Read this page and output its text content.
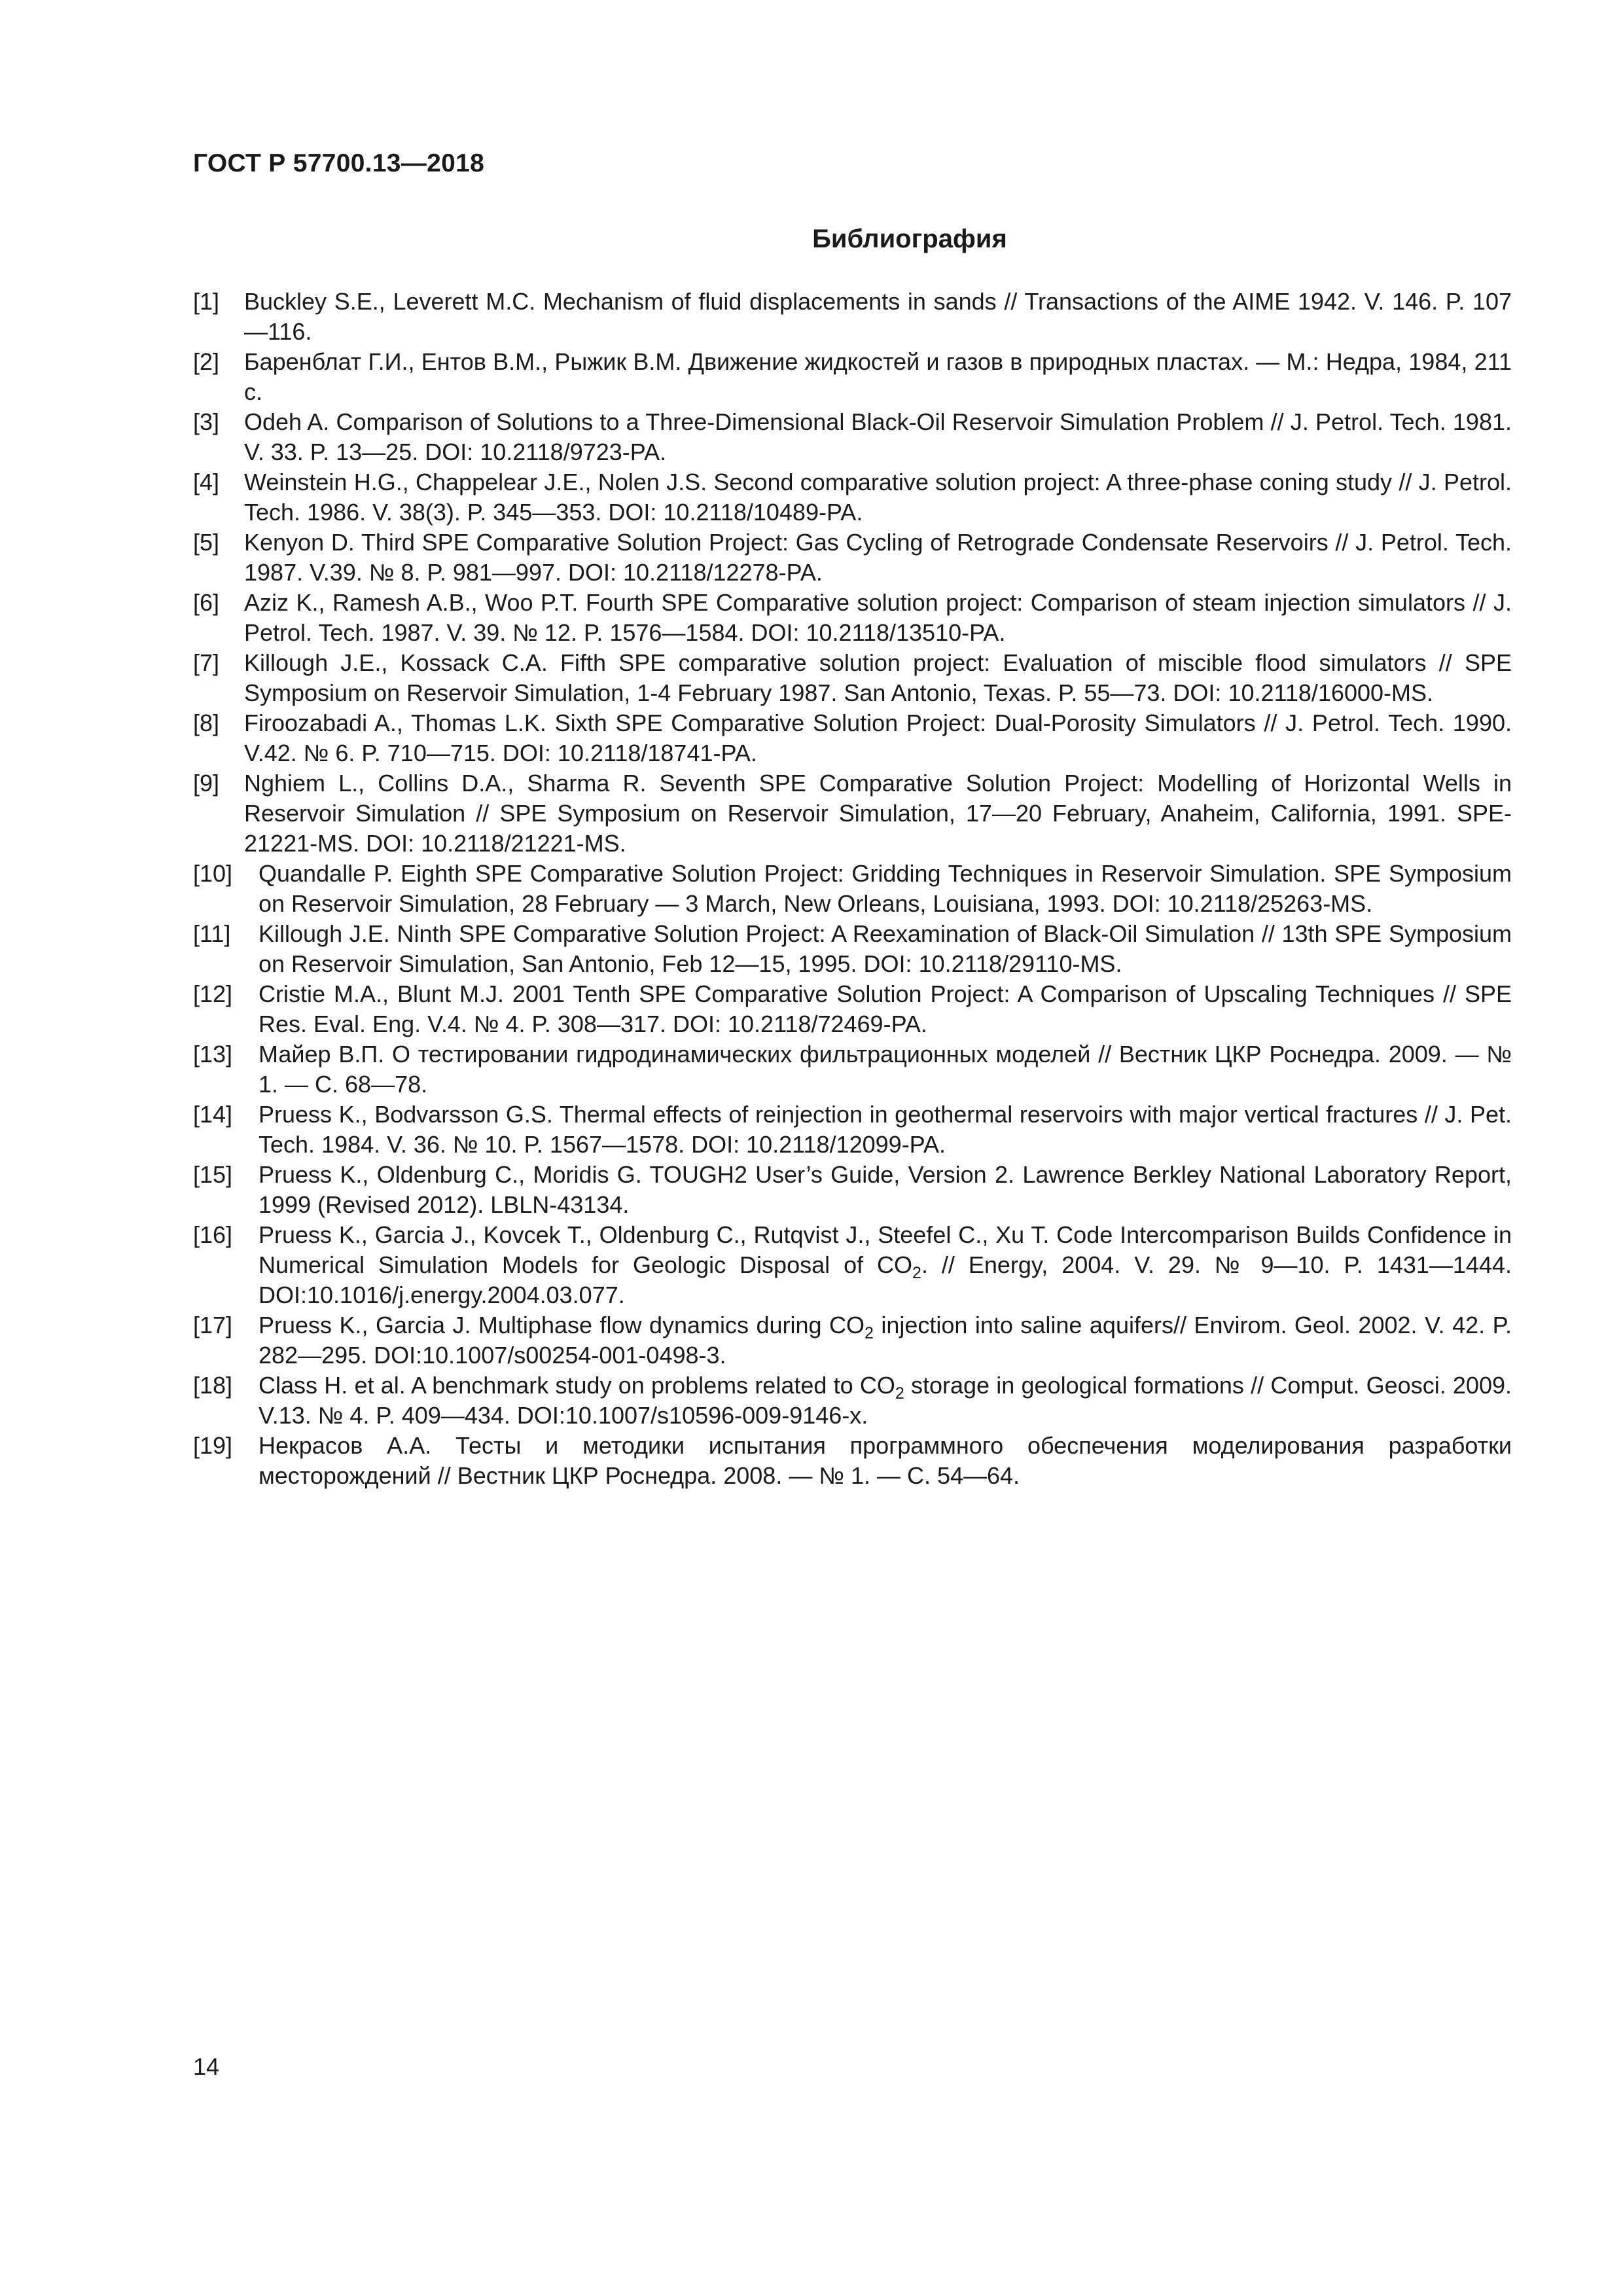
ГОСТ Р 57700.13—2018
Библиография
[1]	Buckley S.E., Leverett M.C. Mechanism of fluid displacements in sands // Transactions of the AIME 1942. V. 146. P. 107—116.
[2]	Баренблат Г.И., Ентов В.М., Рыжик В.М. Движение жидкостей и газов в природных пластах. — М.: Недра, 1984, 211 с.
[3]	Odeh A. Comparison of Solutions to a Three-Dimensional Black-Oil Reservoir Simulation Problem // J. Petrol. Tech. 1981. V. 33. P. 13—25. DOI: 10.2118/9723-PA.
[4]	Weinstein H.G., Chappelear J.E., Nolen J.S. Second comparative solution project: A three-phase coning study // J. Petrol. Tech. 1986. V. 38(3). P. 345—353. DOI: 10.2118/10489-PA.
[5]	Kenyon D. Third SPE Comparative Solution Project: Gas Cycling of Retrograde Condensate Reservoirs // J. Petrol. Tech. 1987. V.39. № 8. P. 981—997. DOI: 10.2118/12278-PA.
[6]	Aziz K., Ramesh A.B., Woo P.T. Fourth SPE Comparative solution project: Comparison of steam injection simulators // J. Petrol. Tech. 1987. V. 39. № 12. P. 1576—1584. DOI: 10.2118/13510-PA.
[7]	Killough J.E., Kossack C.A. Fifth SPE comparative solution project: Evaluation of miscible flood simulators // SPE Symposium on Reservoir Simulation, 1-4 February 1987. San Antonio, Texas. P. 55—73. DOI: 10.2118/16000-MS.
[8]	Firoozabadi A., Thomas L.K. Sixth SPE Comparative Solution Project: Dual-Porosity Simulators // J. Petrol. Tech. 1990. V.42. № 6. P. 710—715. DOI: 10.2118/18741-PA.
[9]	Nghiem L., Collins D.A., Sharma R. Seventh SPE Comparative Solution Project: Modelling of Horizontal Wells in Reservoir Simulation // SPE Symposium on Reservoir Simulation, 17—20 February, Anaheim, California, 1991. SPE-21221-MS. DOI: 10.2118/21221-MS.
[10]	Quandalle P. Eighth SPE Comparative Solution Project: Gridding Techniques in Reservoir Simulation. SPE Symposium on Reservoir Simulation, 28 February — 3 March, New Orleans, Louisiana, 1993. DOI: 10.2118/25263-MS.
[11]	Killough J.E. Ninth SPE Comparative Solution Project: A Reexamination of Black-Oil Simulation // 13th SPE Symposium on Reservoir Simulation, San Antonio, Feb 12—15, 1995. DOI: 10.2118/29110-MS.
[12]	Cristie M.A., Blunt M.J. 2001 Tenth SPE Comparative Solution Project: A Comparison of Upscaling Techniques // SPE Res. Eval. Eng. V.4. № 4. P. 308—317. DOI: 10.2118/72469-PA.
[13]	Майер В.П. О тестировании гидродинамических фильтрационных моделей // Вестник ЦКР Роснедра. 2009. — № 1. — С. 68—78.
[14]	Pruess K., Bodvarsson G.S. Thermal effects of reinjection in geothermal reservoirs with major vertical fractures // J. Pet. Tech. 1984. V. 36. № 10. P. 1567—1578. DOI: 10.2118/12099-PA.
[15]	Pruess K., Oldenburg C., Moridis G. TOUGH2 User’s Guide, Version 2. Lawrence Berkley National Laboratory Report, 1999 (Revised 2012). LBLN-43134.
[16]	Pruess K., Garcia J., Kovcek T., Oldenburg C., Rutqvist J., Steefel C., Xu T. Code Intercomparison Builds Confidence in Numerical Simulation Models for Geologic Disposal of $CO_2$. // Energy, 2004. V. 29. № 9—10. P. 1431—1444. DOI:10.1016/j.energy.2004.03.077.
[17]	Pruess K., Garcia J. Multiphase flow dynamics during $CO_2$ injection into saline aquifers// Envirom. Geol. 2002. V. 42. P. 282—295. DOI:10.1007/s00254-001-0498-3.
[18]	Class H. et al. A benchmark study on problems related to $CO_2$ storage in geological formations // Comput. Geosci. 2009. V.13. № 4. P. 409—434. DOI:10.1007/s10596-009-9146-x.
[19]	Некрасов А.А. Тесты и методики испытания программного обеспечения моделирования разработки месторождений // Вестник ЦКР Роснедра. 2008. — № 1. — С. 54—64.
14
